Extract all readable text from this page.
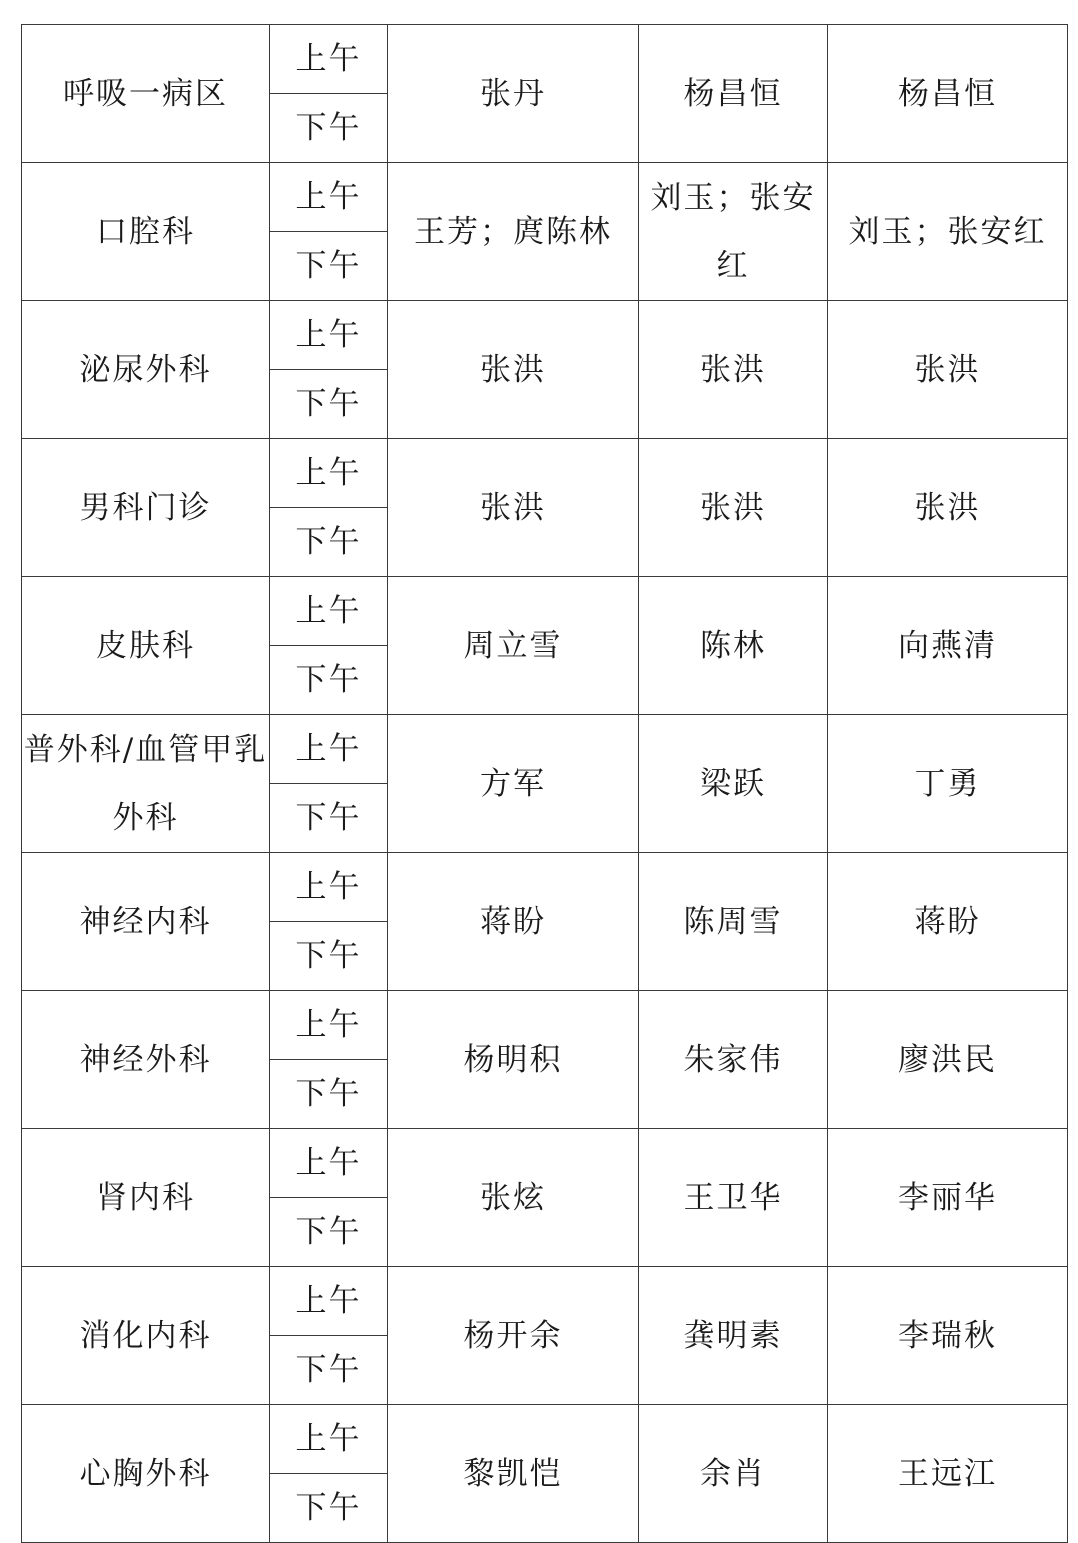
呼吸一病区	上午	张丹	杨昌恒	杨昌恒
	下午			
口腔科	上午	王芳；庹陈林	刘玉；张安红	刘玉；张安红
	下午			
泌尿外科	上午	张洪	张洪	张洪
	下午			
男科门诊	上午	张洪	张洪	张洪
	下午			
皮肤科	上午	周立雪	陈林	向燕清
	下午			
普外科/血管甲乳外科	上午	方军	梁跃	丁勇
	下午			
神经内科	上午	蒋盼	陈周雪	蒋盼
	下午			
神经外科	上午	杨明积	朱家伟	廖洪民
	下午			
肾内科	上午	张炫	王卫华	李丽华
	下午			
消化内科	上午	杨开余	龚明素	李瑞秋
	下午			
心胸外科	上午	黎凯恺	余肖	王远江
	下午			
